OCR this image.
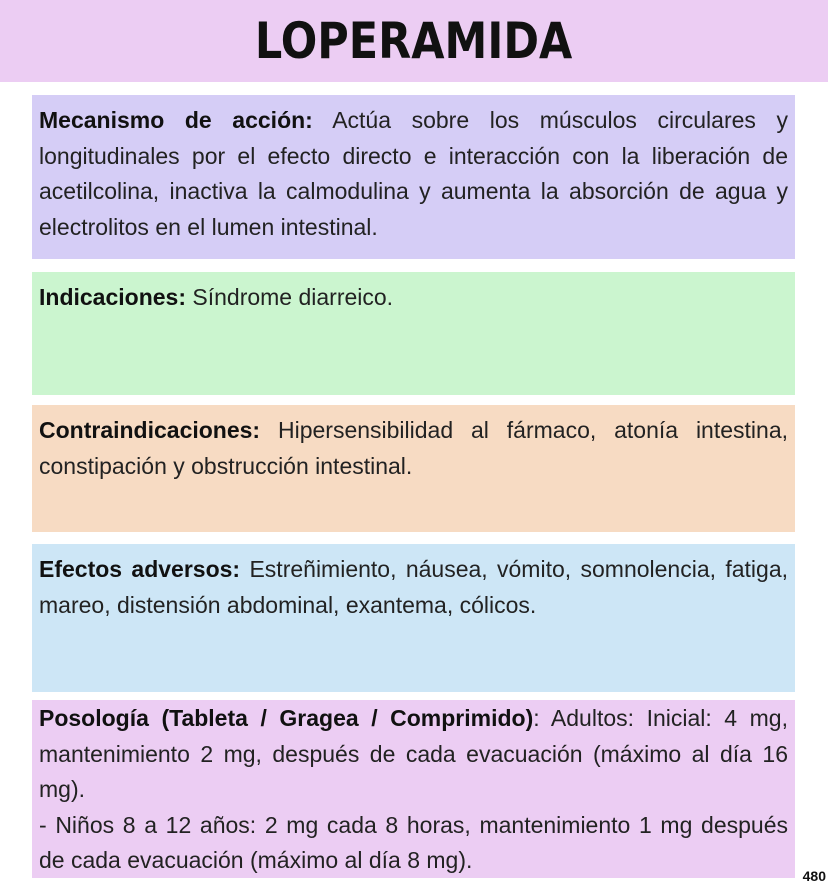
LOPERAMIDA
Mecanismo de acción: Actúa sobre los músculos circulares y longitudinales por el efecto directo e interacción con la liberación de acetilcolina, inactiva la calmodulina y aumenta la absorción de agua y electrolitos en el lumen intestinal.
Indicaciones: Síndrome diarreico.
Contraindicaciones: Hipersensibilidad al fármaco, atonía intestina, constipación y obstrucción intestinal.
Efectos adversos: Estreñimiento, náusea, vómito, somnolencia, fatiga, mareo, distensión abdominal, exantema, cólicos.
Posología (Tableta / Gragea / Comprimido): Adultos: Inicial: 4 mg, mantenimiento 2 mg, después de cada evacuación (máximo al día 16 mg).
- Niños 8 a 12 años: 2 mg cada 8 horas, mantenimiento 1 mg después de cada evacuación (máximo al día 8 mg).
480
